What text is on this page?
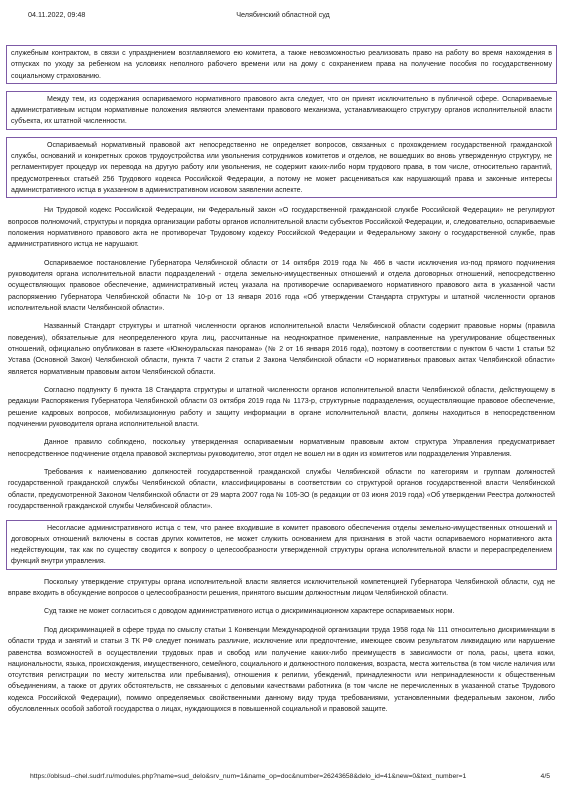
04.11.2022, 09:48	Челябинский областной суд

служебным контрактом, в связи с упразднением возглавляемого ею комитета, а также невозможностью реализовать право на работу во время нахождения в отпусках по уходу за ребенком на условиях неполного рабочего времени или на дому с сохранением права на получение пособия по государственному социальному страхованию.

Между тем, из содержания оспариваемого нормативного правового акта следует, что он принят исключительно в публичной сфере. Оспариваемые административным истцом нормативные положения являются элементами правового механизма, устанавливающего структуру органов исполнительной власти субъекта, их штатной численности.

Оспариваемый нормативный правовой акт непосредственно не определяет вопросов, связанных с прохождением государственной гражданской службы, оснований и конкретных сроков трудоустройства или увольнения сотрудников комитетов и отделов, не вошедших во вновь утвержденную структуру, не регламентирует процедур их перевода на другую работу или увольнения, не содержит каких-либо норм трудового права, в том числе, относительно гарантий, предусмотренных статьёй 256 Трудового кодекса Российской Федерации, а потому не может расцениваться как нарушающий права и законные интересы административного истца в указанном в административном исковом заявлении аспекте.

Ни Трудовой кодекс Российской Федерации, ни Федеральный закон «О государственной гражданской службе Российской Федерации» не регулируют вопросов полномочий, структуры и порядка организации работы органов исполнительной власти субъектов Российской Федерации, и, следовательно, оспариваемые положения нормативного правового акта не противоречат Трудовому кодексу Российской Федерации и Федеральному закону о государственной службе, прав административного истца не нарушают.

Оспариваемое постановление Губернатора Челябинской области от 14 октября 2019 года № 466 в части исключения из-под прямого подчинения руководителя органа исполнительной власти подразделений - отдела земельно-имущественных отношений и отдела договорных отношений, непосредственно осуществляющих правовое обеспечение, административный истец указала на противоречие оспариваемого нормативного правового акта в указанной части распоряжению Губернатора Челябинской области № 10-р от 13 января 2016 года «Об утверждении Стандарта структуры и штатной численности органов исполнительной власти Челябинской области».

Названный Стандарт структуры и штатной численности органов исполнительной власти Челябинской области содержит правовые нормы (правила поведения), обязательные для неопределенного круга лиц, рассчитанные на неоднократное применение, направленные на урегулирование общественных отношений, официально опубликован в газете «Южноуральская панорама» (№ 2 от 16 января 2016 года), поэтому в соответствии с пунктом 6 части 1 статьи 52 Устава (Основной Закон) Челябинской области, пункта 7 части 2 статьи 2 Закона Челябинской области «О нормативных правовых актах Челябинской области» является нормативным правовым актом Челябинской области.

Согласно подпункту 6 пункта 18 Стандарта структуры и штатной численности органов исполнительной власти Челябинской области, действующему в редакции Распоряжения Губернатора Челябинской области 03 октября 2019 года № 1173-р, структурные подразделения, осуществляющие правовое обеспечение, решение кадровых вопросов, мобилизационную работу и защиту информации в органе исполнительной власти, должны находиться в непосредственном подчинении руководителя органа исполнительной власти.

Данное правило соблюдено, поскольку утвержденная оспариваемым нормативным правовым актом структура Управления предусматривает непосредственное подчинение отдела правовой экспертизы руководителю, этот отдел не вошел ни в один из комитетов или подразделения Управления.

Требования к наименованию должностей государственной гражданской службы Челябинской области по категориям и группам должностей государственной гражданской службы Челябинской области, классифицированы в соответствии со структурой органов государственной власти Челябинской области, предусмотренной Законом Челябинской области от 29 марта 2007 года № 105-ЗО (в редакции от 03 июня 2019 года) «Об утверждении Реестра должностей государственной гражданской службы Челябинской области».

Несогласие административного истца с тем, что ранее входившие в комитет правового обеспечения отделы земельно-имущественных отношений и договорных отношений включены в состав других комитетов, не может служить основанием для признания в этой части оспариваемого нормативного акта недействующим, так как по существу сводится к вопросу о целесообразности утвержденной структуры органа исполнительной власти и перераспределением функций внутри управления.

Поскольку утверждение структуры органа исполнительной власти является исключительной компетенцией Губернатора Челябинской области, суд не вправе входить в обсуждение вопросов о целесообразности решения, принятого высшим должностным лицом Челябинской области.

Суд также не может согласиться с доводом административного истца о дискриминационном характере оспариваемых норм.

Под дискриминацией в сфере труда по смыслу статьи 1 Конвенции Международной организации труда 1958 года № 111 относительно дискриминации в области труда и занятий и статьи 3 ТК РФ следует понимать различие, исключение или предпочтение, имеющее своим результатом ликвидацию или нарушение равенства возможностей в осуществлении трудовых прав и свобод или получение каких-либо преимуществ в зависимости от пола, расы, цвета кожи, национальности, языка, происхождения, имущественного, семейного, социального и должностного положения, возраста, места жительства (в том числе наличия или отсутствия регистрации по месту жительства или пребывания), отношения к религии, убеждений, принадлежности или непринадлежности к общественным объединениям, а также от других обстоятельств, не связанных с деловыми качествами работника (в том числе не перечисленных в указанной статье Трудового кодекса Российской Федерации), помимо определяемых свойственными данному виду труда требованиями, установленными федеральным законом, либо обусловленных особой заботой государства о лицах, нуждающихся в повышенной социальной и правовой защите.

https://oblsud--chel.sudrf.ru/modules.php?name=sud_delo&srv_num=1&name_op=doc&number=26243658&delo_id=41&new=0&text_number=1	4/5
